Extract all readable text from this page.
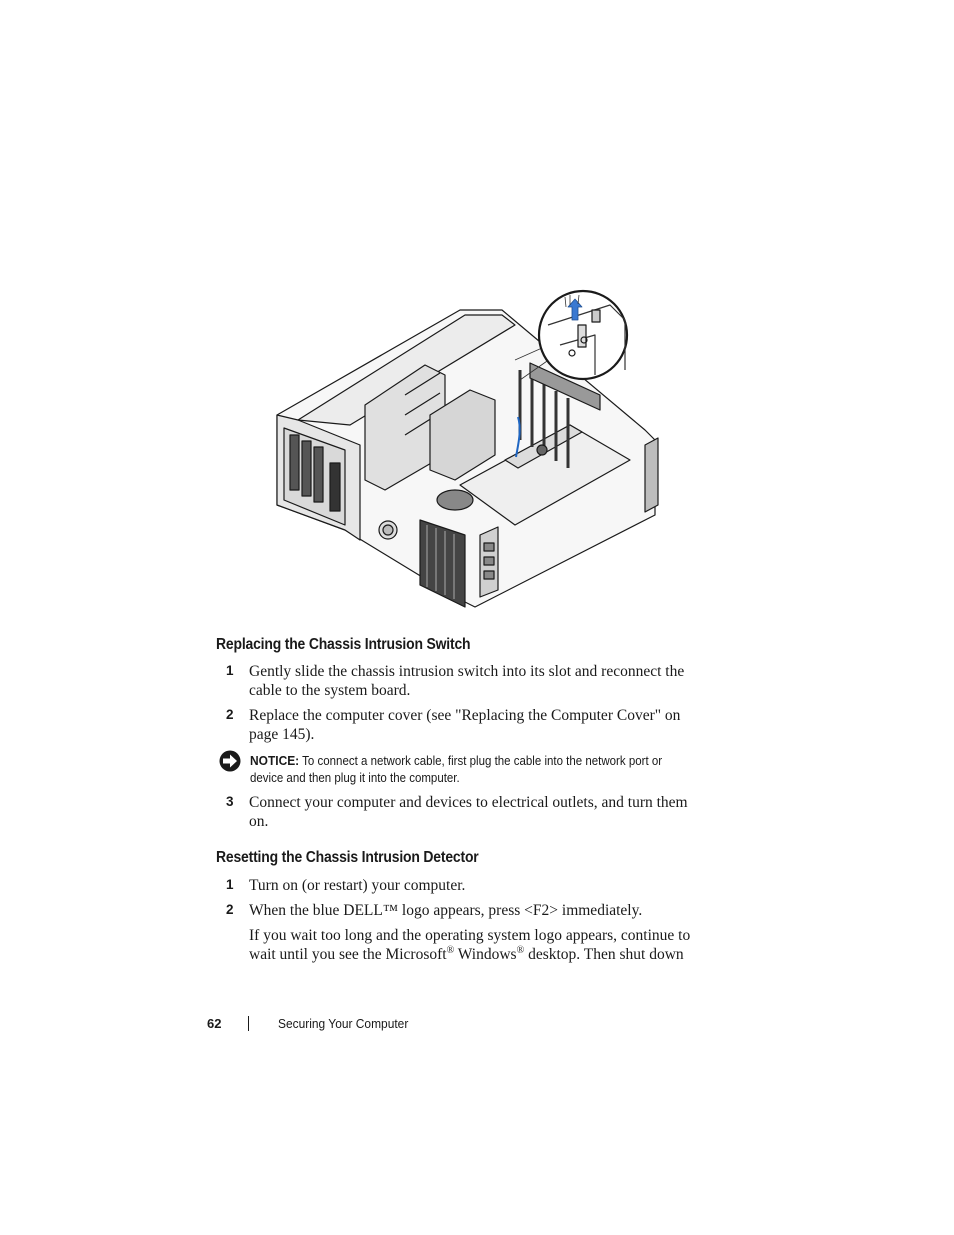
Replacing the Chassis Intrusion Switch
1 Gently slide the chassis intrusion switch into its slot and reconnect the cable to the system board.
2 Replace the computer cover (see "Replacing the Computer Cover" on page 145).
NOTICE: To connect a network cable, first plug the cable into the network port or device and then plug it into the computer.
3 Connect your computer and devices to electrical outlets, and turn them on.
Resetting the Chassis Intrusion Detector
1 Turn on (or restart) your computer.
2 When the blue DELL™ logo appears, press <F2> immediately.
If you wait too long and the operating system logo appears, continue to wait until you see the Microsoft® Windows® desktop. Then shut down
62	Securing Your Computer
